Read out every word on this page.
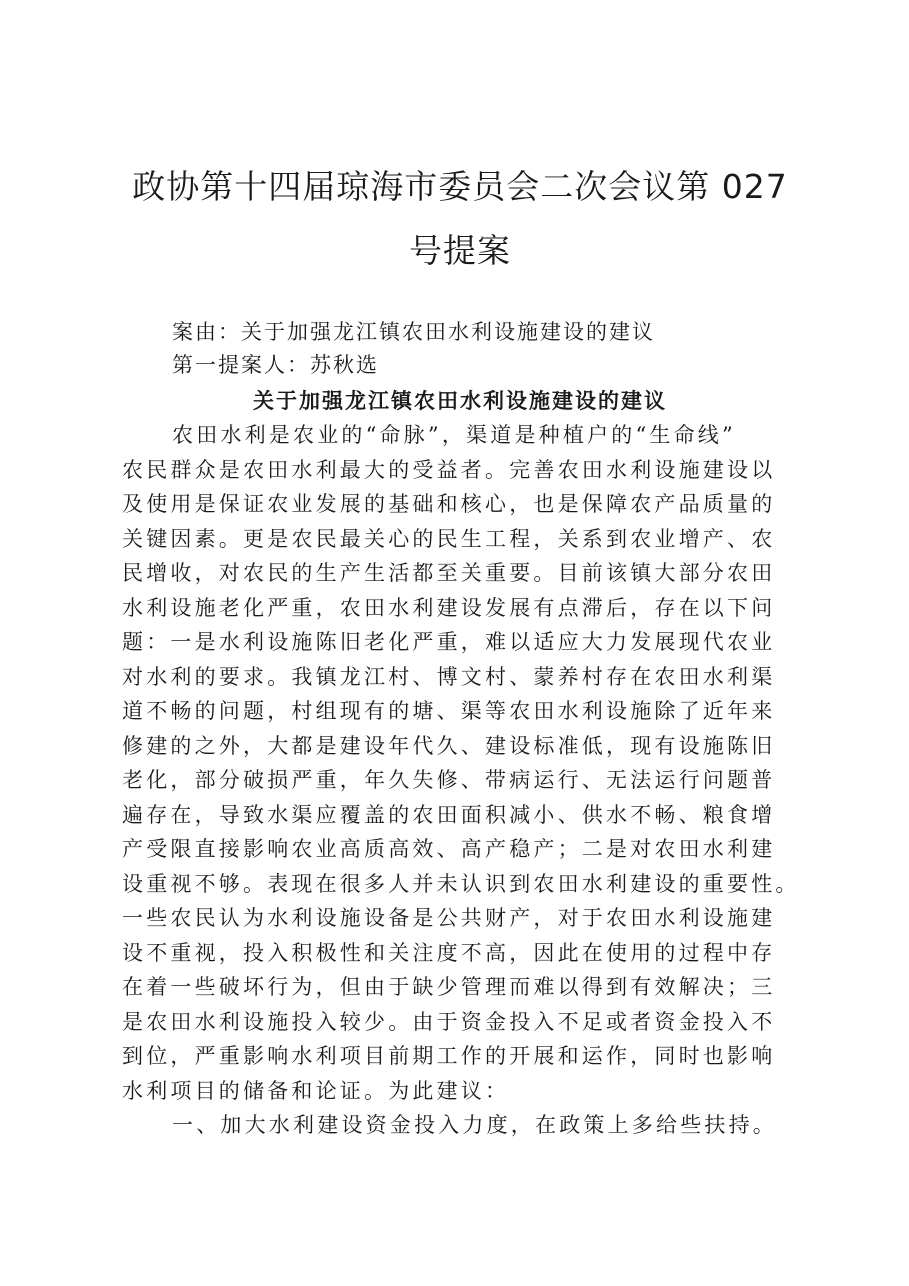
政协第十四届琼海市委员会二次会议第 027
号提案
案由：关于加强龙江镇农田水利设施建设的建议
第一提案人：苏秋选
关于加强龙江镇农田水利设施建设的建议
农田水利是农业的“命脉”，渠道是种植户的“生命线”
农民群众是农田水利最大的受益者。完善农田水利设施建设以
及使用是保证农业发展的基础和核心，也是保障农产品质量的
关键因素。更是农民最关心的民生工程，关系到农业增产、农
民增收，对农民的生产生活都至关重要。目前该镇大部分农田
水利设施老化严重，农田水利建设发展有点滞后，存在以下问
题：一是水利设施陈旧老化严重，难以适应大力发展现代农业
对水利的要求。我镇龙江村、博文村、蒙养村存在农田水利渠
道不畅的问题，村组现有的塘、渠等农田水利设施除了近年来
修建的之外，大都是建设年代久、建设标准低，现有设施陈旧
老化，部分破损严重，年久失修、带病运行、无法运行问题普
遍存在，导致水渠应覆盖的农田面积减小、供水不畅、粮食增
产受限直接影响农业高质高效、高产稳产；二是对农田水利建
设重视不够。表现在很多人并未认识到农田水利建设的重要性。
一些农民认为水利设施设备是公共财产，对于农田水利设施建
设不重视，投入积极性和关注度不高，因此在使用的过程中存
在着一些破坏行为，但由于缺少管理而难以得到有效解决；三
是农田水利设施投入较少。由于资金投入不足或者资金投入不
到位，严重影响水利项目前期工作的开展和运作，同时也影响
水利项目的储备和论证。为此建议：
一、加大水利建设资金投入力度，在政策上多给些扶持。
